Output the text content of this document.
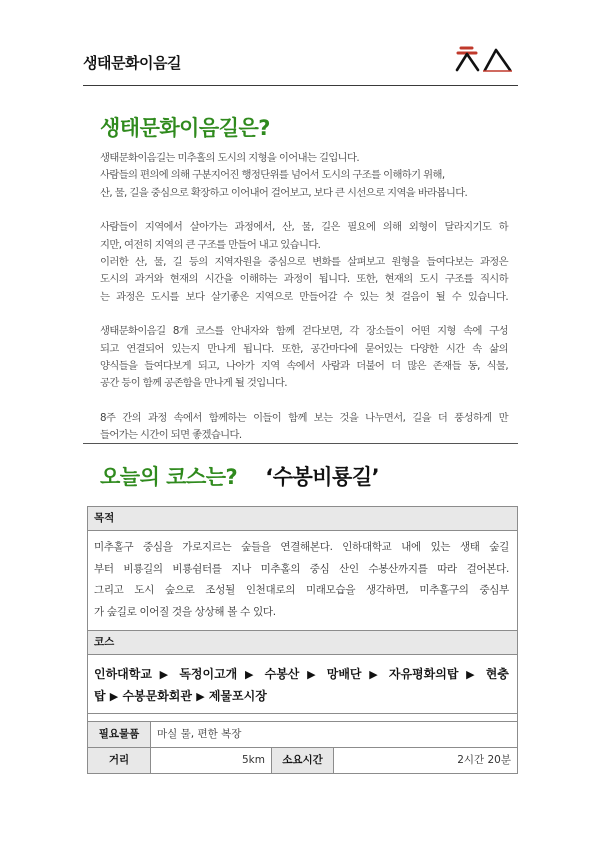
생태문화이음길
생태문화이음길은?
생태문화이음길는 미추홀의 도시의 지형을 이어내는 길입니다.
사람들의 편의에 의해 구분지어진 행정단위를 넘어서 도시의 구조를 이해하기 위해,
산, 물, 길을 중심으로 확장하고 이어내어 걸어보고, 보다 큰 시선으로 지역을 바라봅니다.
사람들이 지역에서 살아가는 과정에서, 산, 물, 길은 필요에 의해 외형이 달라지기도 하
지만, 여전히 지역의 큰 구조를 만들어 내고 있습니다.
이러한 산, 물, 길 등의 지역자원을 중심으로 변화를 살펴보고 원형을 들여다보는 과정은
도시의 과거와 현재의 시간을 이해하는 과정이 됩니다. 또한, 현재의 도시 구조를 직시하
는 과정은 도시를 보다 살기좋은 지역으로 만들어갈 수 있는 첫 걸음이 될 수 있습니다.
생태문화이음길 8개 코스를 안내자와 함께 걷다보면, 각 장소들이 어떤 지형 속에 구성
되고 연결되어 있는지 만나게 됩니다. 또한, 공간마다에 묻어있는 다양한 시간 속 삶의
양식들을 들여다보게 되고, 나아가 지역 속에서 사람과 더불어 더 많은 존재들 동, 식물,
공간 등이 함께 공존함을 만나게 될 것입니다.
8주 간의 과정 속에서 함께하는 이들이 함께 보는 것을 나누면서, 길을 더 풍성하게 만
들어가는 시간이 되면 좋겠습니다.
오늘의 코스는? ‘수봉비룡길’
목적
미추홀구 중심을 가로지르는 숲들을 연결해본다. 인하대학교 내에 있는 생태 숲길
부터 비룡길의 비룡쉼터를 지나 미추홀의 중심 산인 수봉산까지를 따라 걸어본다.
그리고 도시 숲으로 조성될 인천대로의 미래모습을 생각하면, 미추홀구의 중심부
가 숲길로 이어질 것을 상상해 볼 수 있다.
코스
인하대학교 ▶ 독정이고개 ▶ 수봉산 ▶ 망배단 ▶ 자유평화의탑 ▶ 현충
탑 ▶ 수봉문화회관 ▶ 제물포시장
필요물품	마실 물, 편한 복장
거리	5km	소요시간	2시간 20분
